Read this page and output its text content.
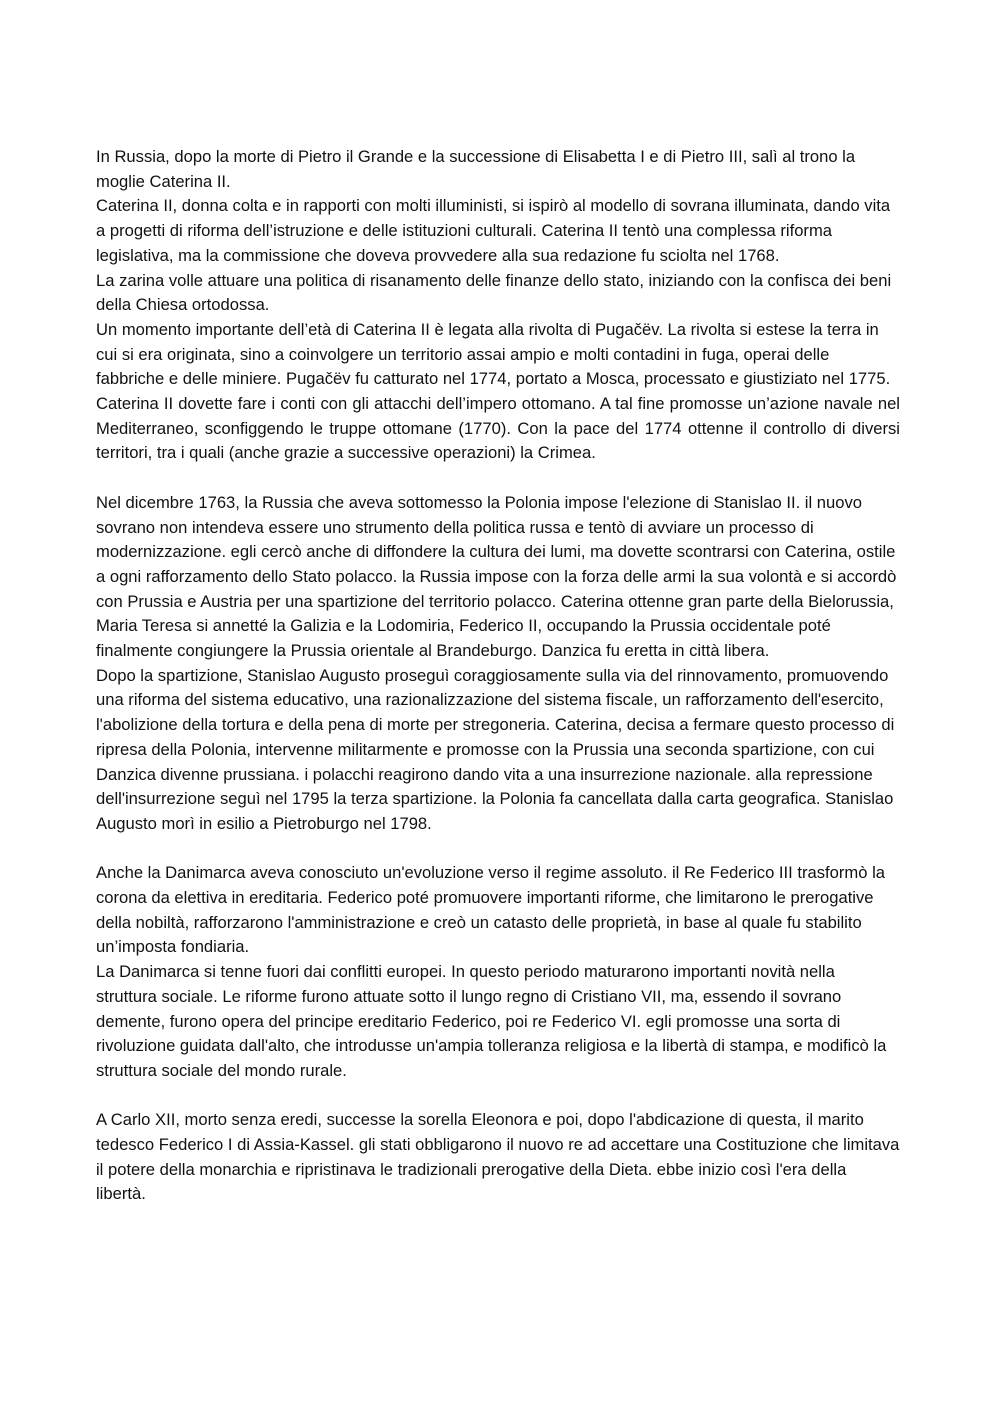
In Russia, dopo la morte di Pietro il Grande e la successione di Elisabetta I e di Pietro III, salì al trono la moglie Caterina II.

Caterina II, donna colta e in rapporti con molti illuministi, si ispirò al modello di sovrana illuminata, dando vita a progetti di riforma dell’istruzione e delle istituzioni culturali. Caterina II tentò una complessa riforma legislativa, ma la commissione che doveva provvedere alla sua redazione fu sciolta nel 1768.

La zarina volle attuare una politica di risanamento delle finanze dello stato, iniziando con la confisca dei beni della Chiesa ortodossa.

Un momento importante dell’età di Caterina II è legata alla rivolta di Pugačëv. La rivolta si estese la terra in cui si era originata, sino a coinvolgere un territorio assai ampio e molti contadini in fuga, operai delle fabbriche e delle miniere. Pugačëv fu catturato nel 1774, portato a Mosca, processato e giustiziato nel 1775.

Caterina II dovette fare i conti con gli attacchi dell’impero ottomano. A tal fine promosse un’azione navale nel Mediterraneo, sconfiggendo le truppe ottomane (1770). Con la pace del 1774 ottenne il controllo di diversi territori, tra i quali (anche grazie a successive operazioni) la Crimea.

Nel dicembre 1763, la Russia che aveva sottomesso la Polonia impose l'elezione di Stanislao II. il nuovo sovrano non intendeva essere uno strumento della politica russa e tentò di avviare un processo di modernizzazione. egli cercò anche di diffondere la cultura dei lumi, ma dovette scontrarsi con Caterina, ostile a ogni rafforzamento dello Stato polacco. la Russia impose con la forza delle armi la sua volontà e si accordò con Prussia e Austria per una spartizione del territorio polacco. Caterina ottenne gran parte della Bielorussia, Maria Teresa si annetté la Galizia e la Lodomiria, Federico II, occupando la Prussia occidentale poté finalmente congiungere la Prussia orientale al Brandeburgo. Danzica fu eretta in città libera.

Dopo la spartizione, Stanislao Augusto proseguì coraggiosamente sulla via del rinnovamento, promuovendo una riforma del sistema educativo, una razionalizzazione del sistema fiscale, un rafforzamento dell'esercito, l'abolizione della tortura e della pena di morte per stregoneria. Caterina, decisa a fermare questo processo di ripresa della Polonia, intervenne militarmente e promosse con la Prussia una seconda spartizione, con cui Danzica divenne prussiana. i polacchi reagirono dando vita a una insurrezione nazionale. alla repressione dell'insurrezione seguì nel 1795 la terza spartizione. la Polonia fa cancellata dalla carta geografica. Stanislao Augusto morì in esilio a Pietroburgo nel 1798.

Anche la Danimarca aveva conosciuto un'evoluzione verso il regime assoluto. il Re Federico III trasformò la corona da elettiva in ereditaria. Federico poté promuovere importanti riforme, che limitarono le prerogative della nobiltà, rafforzarono l'amministrazione e creò un catasto delle proprietà, in base al quale fu stabilito un’imposta fondiaria.

La Danimarca si tenne fuori dai conflitti europei. In questo periodo maturarono importanti novità nella struttura sociale. Le riforme furono attuate sotto il lungo regno di Cristiano VII, ma, essendo il sovrano demente, furono opera del principe ereditario Federico, poi re Federico VI. egli promosse una sorta di rivoluzione guidata dall'alto, che introdusse un'ampia tolleranza religiosa e la libertà di stampa, e modificò la struttura sociale del mondo rurale.

A Carlo XII, morto senza eredi, successe la sorella Eleonora e poi, dopo l'abdicazione di questa, il marito tedesco Federico I di Assia-Kassel. gli stati obbligarono il nuovo re ad accettare una Costituzione che limitava il potere della monarchia e ripristinava le tradizionali prerogative della Dieta. ebbe inizio così l'era della libertà.
